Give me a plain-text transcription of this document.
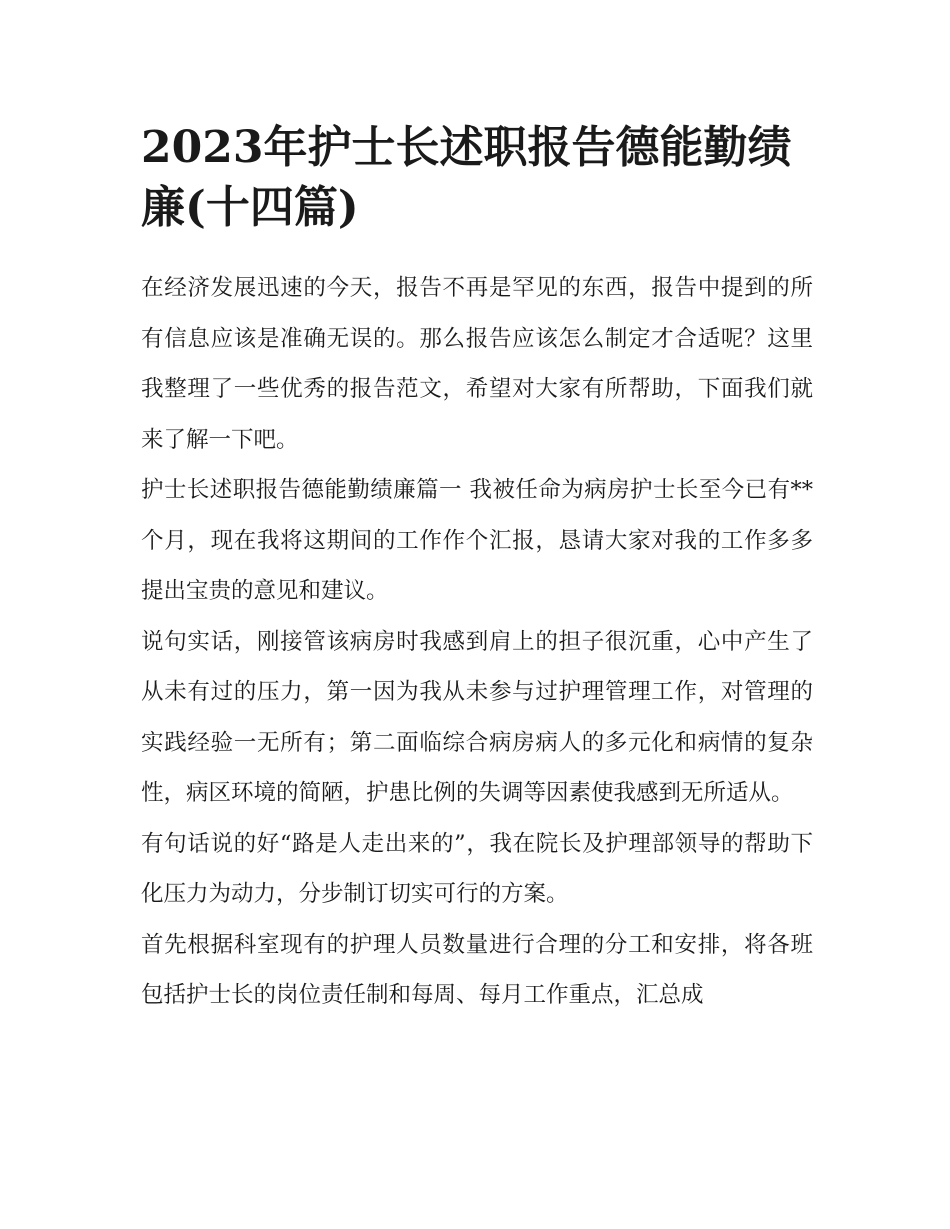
2023年护士长述职报告德能勤绩廉(十四篇)

在经济发展迅速的今天，报告不再是罕见的东西，报告中提到的所有信息应该是准确无误的。那么报告应该怎么制定才合适呢？这里我整理了一些优秀的报告范文，希望对大家有所帮助，下面我们就来了解一下吧。

护士长述职报告德能勤绩廉篇一 我被任命为病房护士长至今已有**个月，现在我将这期间的工作作个汇报，恳请大家对我的工作多多提出宝贵的意见和建议。

说句实话，刚接管该病房时我感到肩上的担子很沉重，心中产生了从未有过的压力，第一因为我从未参与过护理管理工作，对管理的实践经验一无所有；第二面临综合病房病人的多元化和病情的复杂性，病区环境的简陋，护患比例的失调等因素使我感到无所适从。

有句话说的好“路是人走出来的”，我在院长及护理部领导的帮助下化压力为动力，分步制订切实可行的方案。

首先根据科室现有的护理人员数量进行合理的分工和安排，将各班包括护士长的岗位责任制和每周、每月工作重点，汇总成
